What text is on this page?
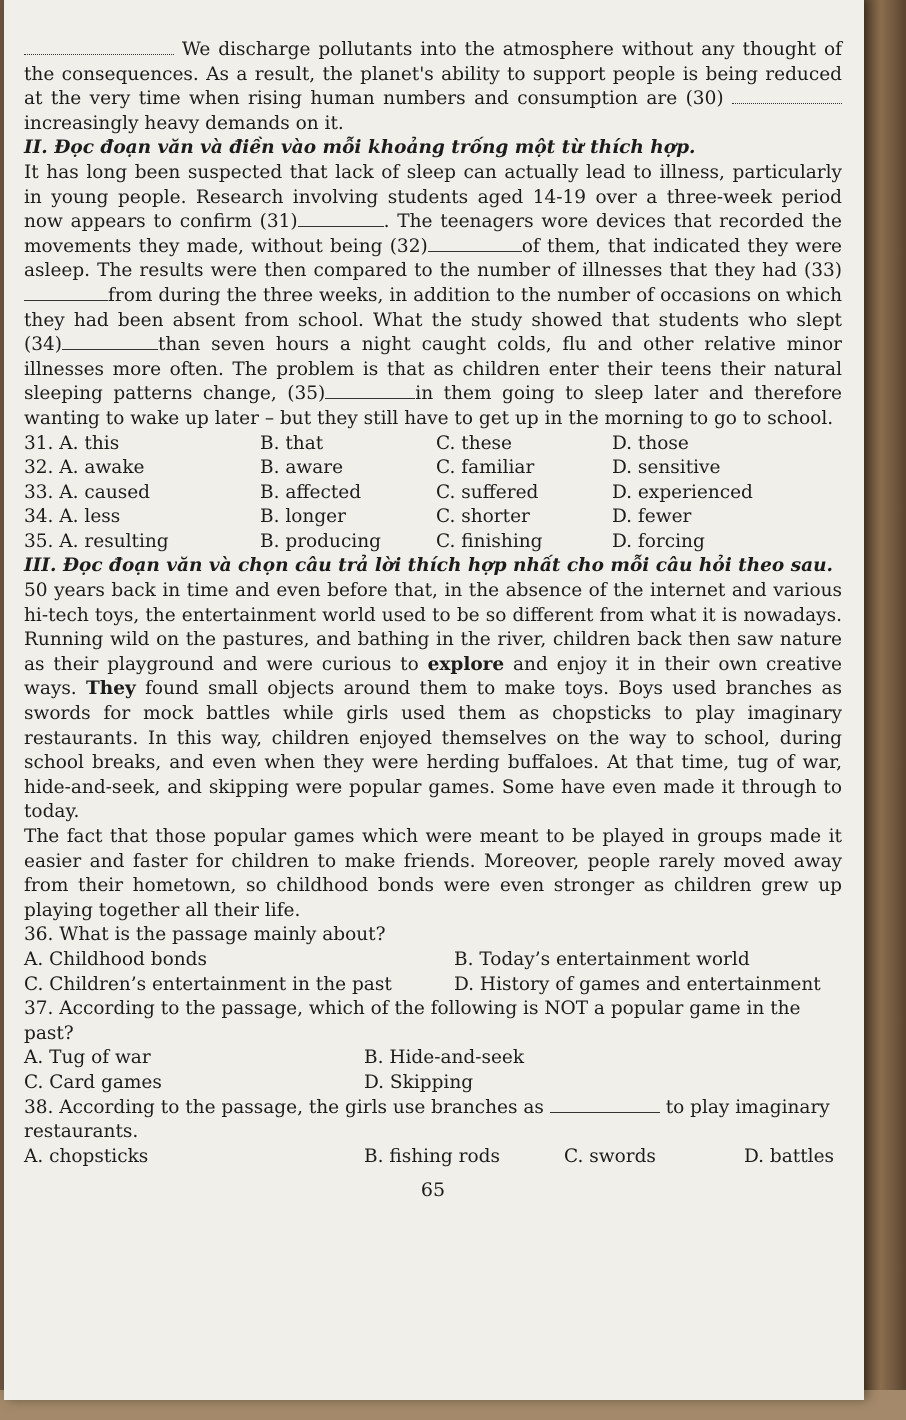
We discharge pollutants into the atmosphere without any thought of the consequences. As a result, the planet's ability to support people is being reduced at the very time when rising human numbers and consumption are (30)  increasingly heavy demands on it.

II. Đọc đoạn văn và điền vào mỗi khoảng trống một từ thích hợp.

It has long been suspected that lack of sleep can actually lead to illness, particularly in young people. Research involving students aged 14-19 over a three-week period now appears to confirm (31)	. The teenagers wore devices that recorded the movements they made, without being (32)	of them, that indicated they were asleep. The results were then compared to the number of illnesses that they had (33)from during the three weeks, in addition to the number of occasions on which they had been absent from school. What the study showed that students who slept (34)	than seven hours a night caught colds, flu and other relative minor illnesses more often. The problem is that as children enter their teens their natural sleeping patterns change, (35)	in them going to sleep later and therefore wanting to wake up later – but they still have to get up in the morning to go to school.

31. A. this	B. that	C. these	D. those
32. A. awake	B. aware	C. familiar	D. sensitive
33. A. caused	B. affected	C. suffered	D. experienced
34. A. less	B. longer	C. shorter	D. fewer
35. A. resulting	B. producing	C. finishing	D. forcing

III. Đọc đoạn văn và chọn câu trả lời thích hợp nhất cho mỗi câu hỏi theo sau.

50 years back in time and even before that, in the absence of the internet and various hi-tech toys, the entertainment world used to be so different from what it is nowadays. Running wild on the pastures, and bathing in the river, children back then saw nature as their playground and were curious to explore and enjoy it in their own creative ways. They found small objects around them to make toys. Boys used branches as swords for mock battles while girls used them as chopsticks to play imaginary restaurants. In this way, children enjoyed themselves on the way to school, during school breaks, and even when they were herding buffaloes. At that time, tug of war, hide-and-seek, and skipping were popular games. Some have even made it through to today.

The fact that those popular games which were meant to be played in groups made it easier and faster for children to make friends. Moreover, people rarely moved away from their hometown, so childhood bonds were even stronger as children grew up playing together all their life.

36. What is the passage mainly about?
A. Childhood bonds	B. Today’s entertainment world
C. Children’s entertainment in the past	D. History of games and entertainment
37. According to the passage, which of the following is NOT a popular game in the past?
A. Tug of war	B. Hide-and-seek
C. Card games	D. Skipping
38. According to the passage, the girls use branches as	to play imaginary restaurants.
A. chopsticks	B. fishing rods	C. swords	D. battles
65
